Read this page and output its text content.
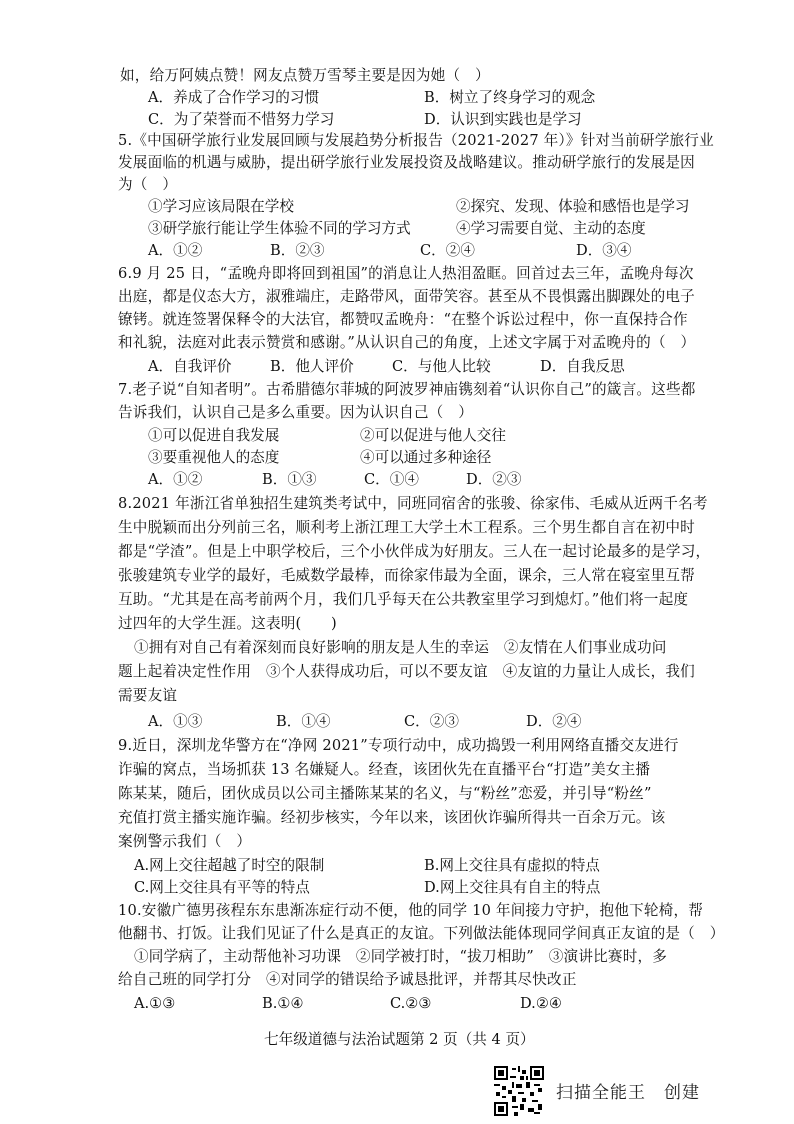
如，给万阿姨点赞！网友点赞万雪琴主要是因为她（　）
A．养成了合作学习的习惯	B．树立了终身学习的观念
C．为了荣誉而不惜努力学习	D．认识到实践也是学习
5.《中国研学旅行业发展回顾与发展趋势分析报告（2021-2027 年）》针对当前研学旅行业
发展面临的机遇与威胁，提出研学旅行业发展投资及战略建议。推动研学旅行的发展是因
为（　）
①学习应该局限在学校	②探究、发现、体验和感悟也是学习
③研学旅行能让学生体验不同的学习方式	④学习需要自觉、主动的态度
A．①②	B．②③	C．②④	D．③④
6.9 月 25 日，“孟晚舟即将回到祖国”的消息让人热泪盈眶。回首过去三年，孟晚舟每次
出庭，都是仪态大方，淑雅端庄，走路带风，面带笑容。甚至从不畏惧露出脚踝处的电子
镣铐。就连签署保释令的大法官，都赞叹孟晚舟：“在整个诉讼过程中，你一直保持合作
和礼貌，法庭对此表示赞赏和感谢。”从认识自己的角度，上述文字属于对孟晚舟的（　）
A．自我评价	B．他人评价	C．与他人比较	D．自我反思
7.老子说“自知者明”。古希腊德尔菲城的阿波罗神庙镌刻着“认识你自己”的箴言。这些都
告诉我们，认识自己是多么重要。因为认识自己（　）
①可以促进自我发展	②可以促进与他人交往
③要重视他人的态度	④可以通过多种途径
A．①②	B．①③	C．①④	D．②③
8.2021 年浙江省单独招生建筑类考试中，同班同宿舍的张骏、徐家伟、毛威从近两千名考
生中脱颖而出分列前三名，顺利考上浙江理工大学土木工程系。三个男生都自言在初中时
都是“学渣”。但是上中职学校后，三个小伙伴成为好朋友。三人在一起讨论最多的是学习，
张骏建筑专业学的最好，毛威数学最棒，而徐家伟最为全面，课余，三人常在寝室里互帮
互助。“尤其是在高考前两个月，我们几乎每天在公共教室里学习到熄灯。”他们将一起度
过四年的大学生涯。这表明(　　)
①拥有对自己有着深刻而良好影响的朋友是人生的幸运　②友情在人们事业成功问
题上起着决定性作用　③个人获得成功后，可以不要友谊　④友谊的力量让人成长，我们
需要友谊
A．①③	B．①④	C．②③	D．②④
9.近日，深圳龙华警方在“净网 2021”专项行动中，成功捣毁一利用网络直播交友进行
诈骗的窝点，当场抓获 13 名嫌疑人。经查，该团伙先在直播平台“打造”美女主播
陈某某，随后，团伙成员以公司主播陈某某的名义，与“粉丝”恋爱，并引导“粉丝”
充值打赏主播实施诈骗。经初步核实，今年以来，该团伙诈骗所得共一百余万元。该
案例警示我们（　）
A.网上交往超越了时空的限制	B.网上交往具有虚拟的特点
C.网上交往具有平等的特点	D.网上交往具有自主的特点
10.安徽广德男孩程东东患渐冻症行动不便，他的同学 10 年间接力守护，抱他下轮椅，帮
他翻书、打饭。让我们见证了什么是真正的友谊。下列做法能体现同学间真正友谊的是（　）
①同学病了，主动帮他补习功课　②同学被打时，“拔刀相助”　③演讲比赛时，多
给自己班的同学打分　④对同学的错误给予诚恳批评，并帮其尽快改正
A.①③	B.①④	C.②③	D.②④
七年级道德与法治试题第 2 页（共 4 页）
扫描全能王　创建
